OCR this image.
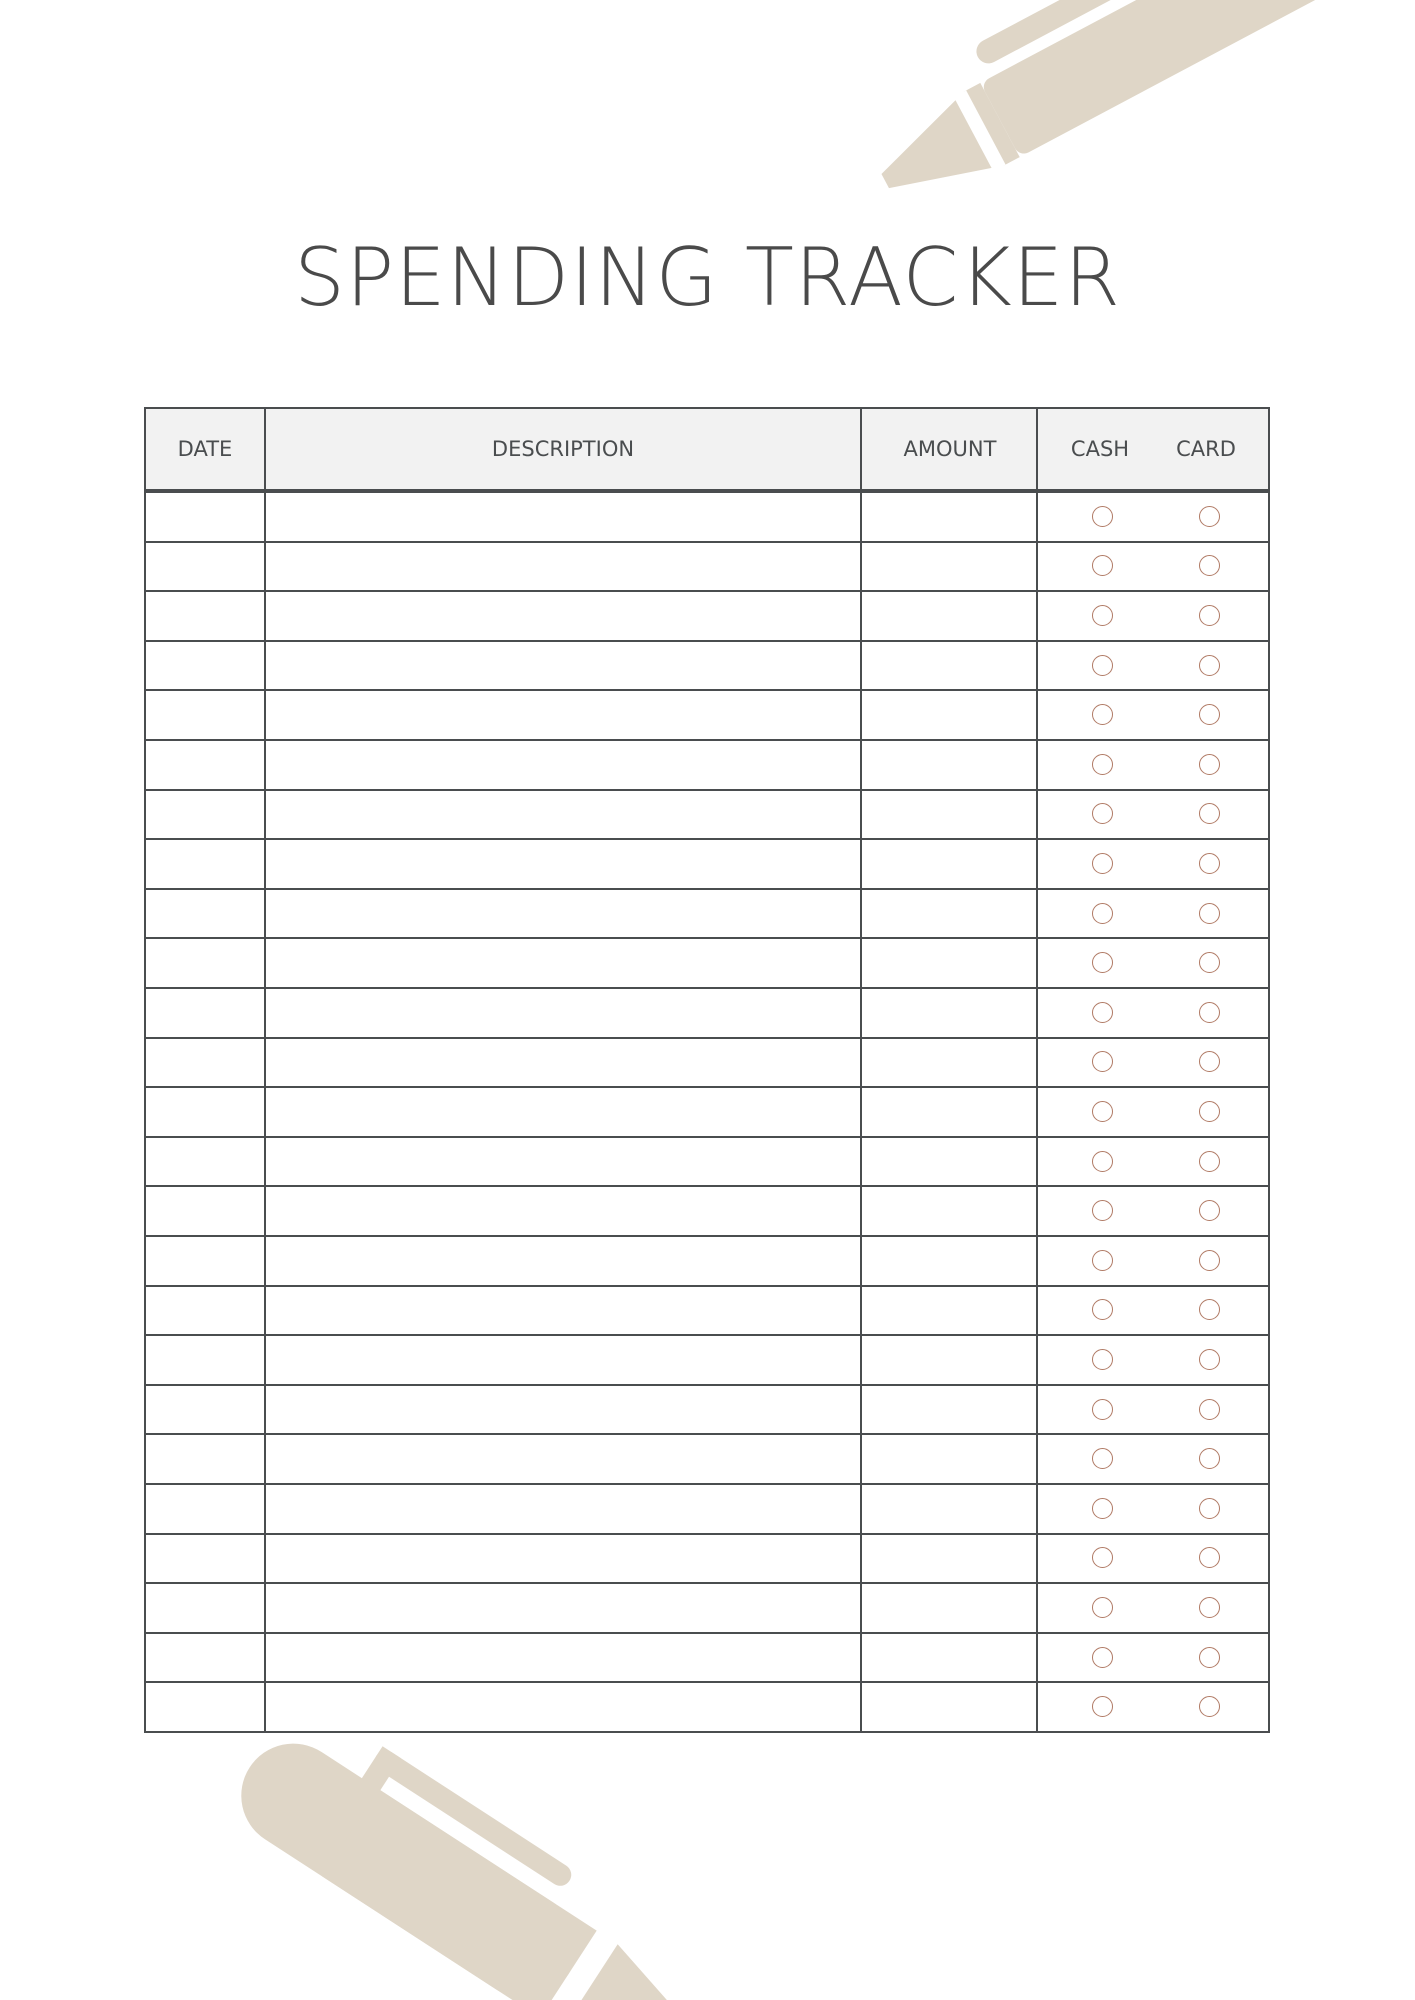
SPENDING TRACKER
DATE	DESCRIPTION	AMOUNT	CASH	CARD
